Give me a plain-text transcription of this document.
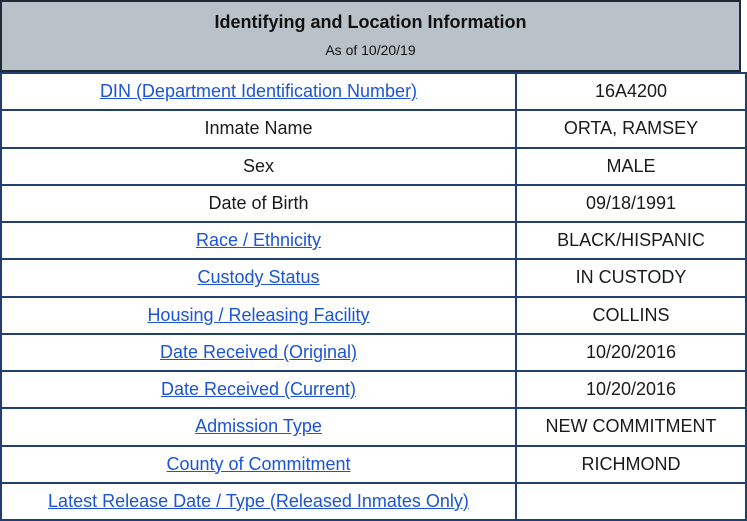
Identifying and Location Information
As of 10/20/19
DIN (Department Identification Number)	16A4200
Inmate Name	ORTA, RAMSEY
Sex	MALE
Date of Birth	09/18/1991
Race / Ethnicity	BLACK/HISPANIC
Custody Status	IN CUSTODY
Housing / Releasing Facility	COLLINS
Date Received (Original)	10/20/2016
Date Received (Current)	10/20/2016
Admission Type	NEW COMMITMENT
County of Commitment	RICHMOND
Latest Release Date / Type (Released Inmates Only)	
